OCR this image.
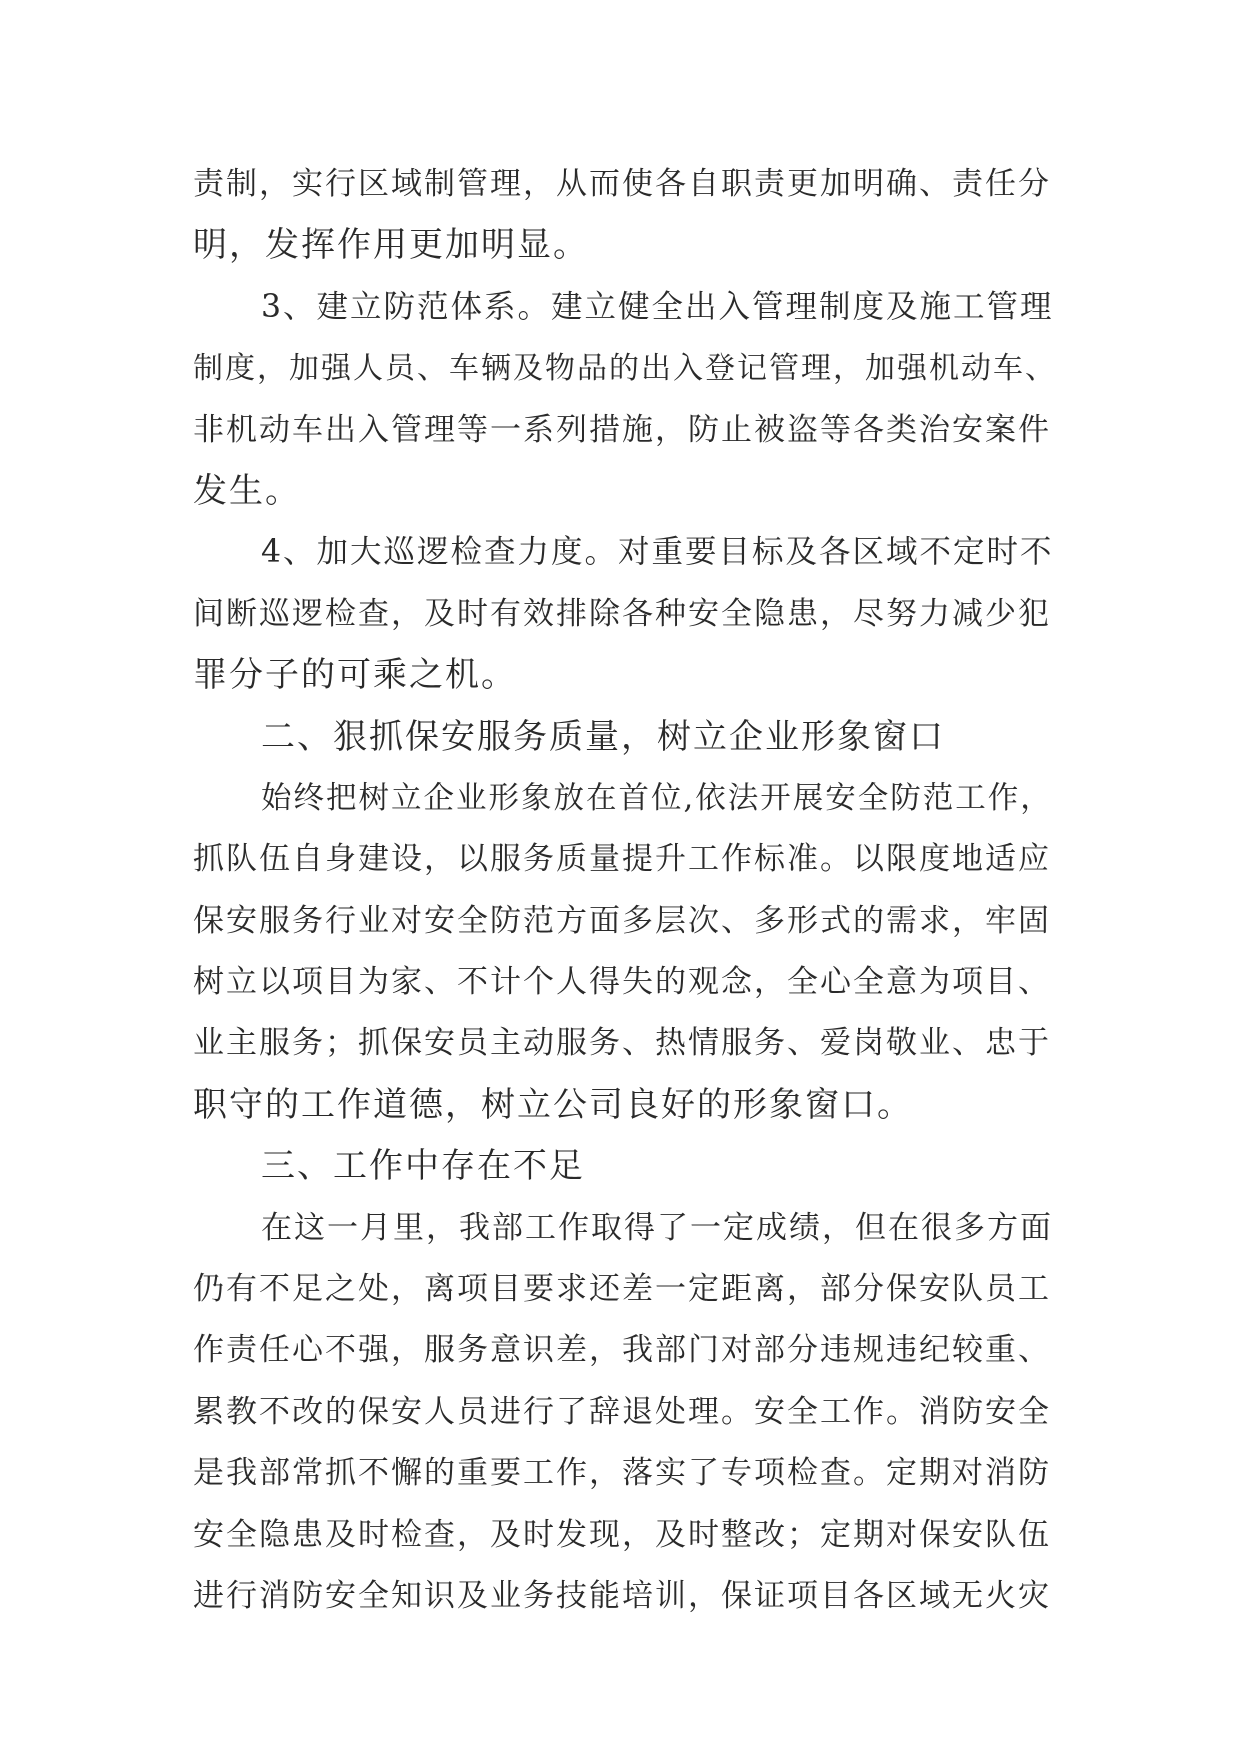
责制，实行区域制管理，从而使各自职责更加明确、责任分
明，发挥作用更加明显。
3、建立防范体系。建立健全出入管理制度及施工管理
制度，加强人员、车辆及物品的出入登记管理，加强机动车、
非机动车出入管理等一系列措施，防止被盗等各类治安案件
发生。
4、加大巡逻检查力度。对重要目标及各区域不定时不
间断巡逻检查，及时有效排除各种安全隐患，尽努力减少犯
罪分子的可乘之机。
二、狠抓保安服务质量，树立企业形象窗口
始终把树立企业形象放在首位,依法开展安全防范工作，
抓队伍自身建设，以服务质量提升工作标准。以限度地适应
保安服务行业对安全防范方面多层次、多形式的需求，牢固
树立以项目为家、不计个人得失的观念，全心全意为项目、
业主服务；抓保安员主动服务、热情服务、爱岗敬业、忠于
职守的工作道德，树立公司良好的形象窗口。
三、工作中存在不足
在这一月里，我部工作取得了一定成绩，但在很多方面
仍有不足之处，离项目要求还差一定距离，部分保安队员工
作责任心不强，服务意识差，我部门对部分违规违纪较重、
累教不改的保安人员进行了辞退处理。安全工作。消防安全
是我部常抓不懈的重要工作，落实了专项检查。定期对消防
安全隐患及时检查，及时发现，及时整改；定期对保安队伍
进行消防安全知识及业务技能培训，保证项目各区域无火灾
